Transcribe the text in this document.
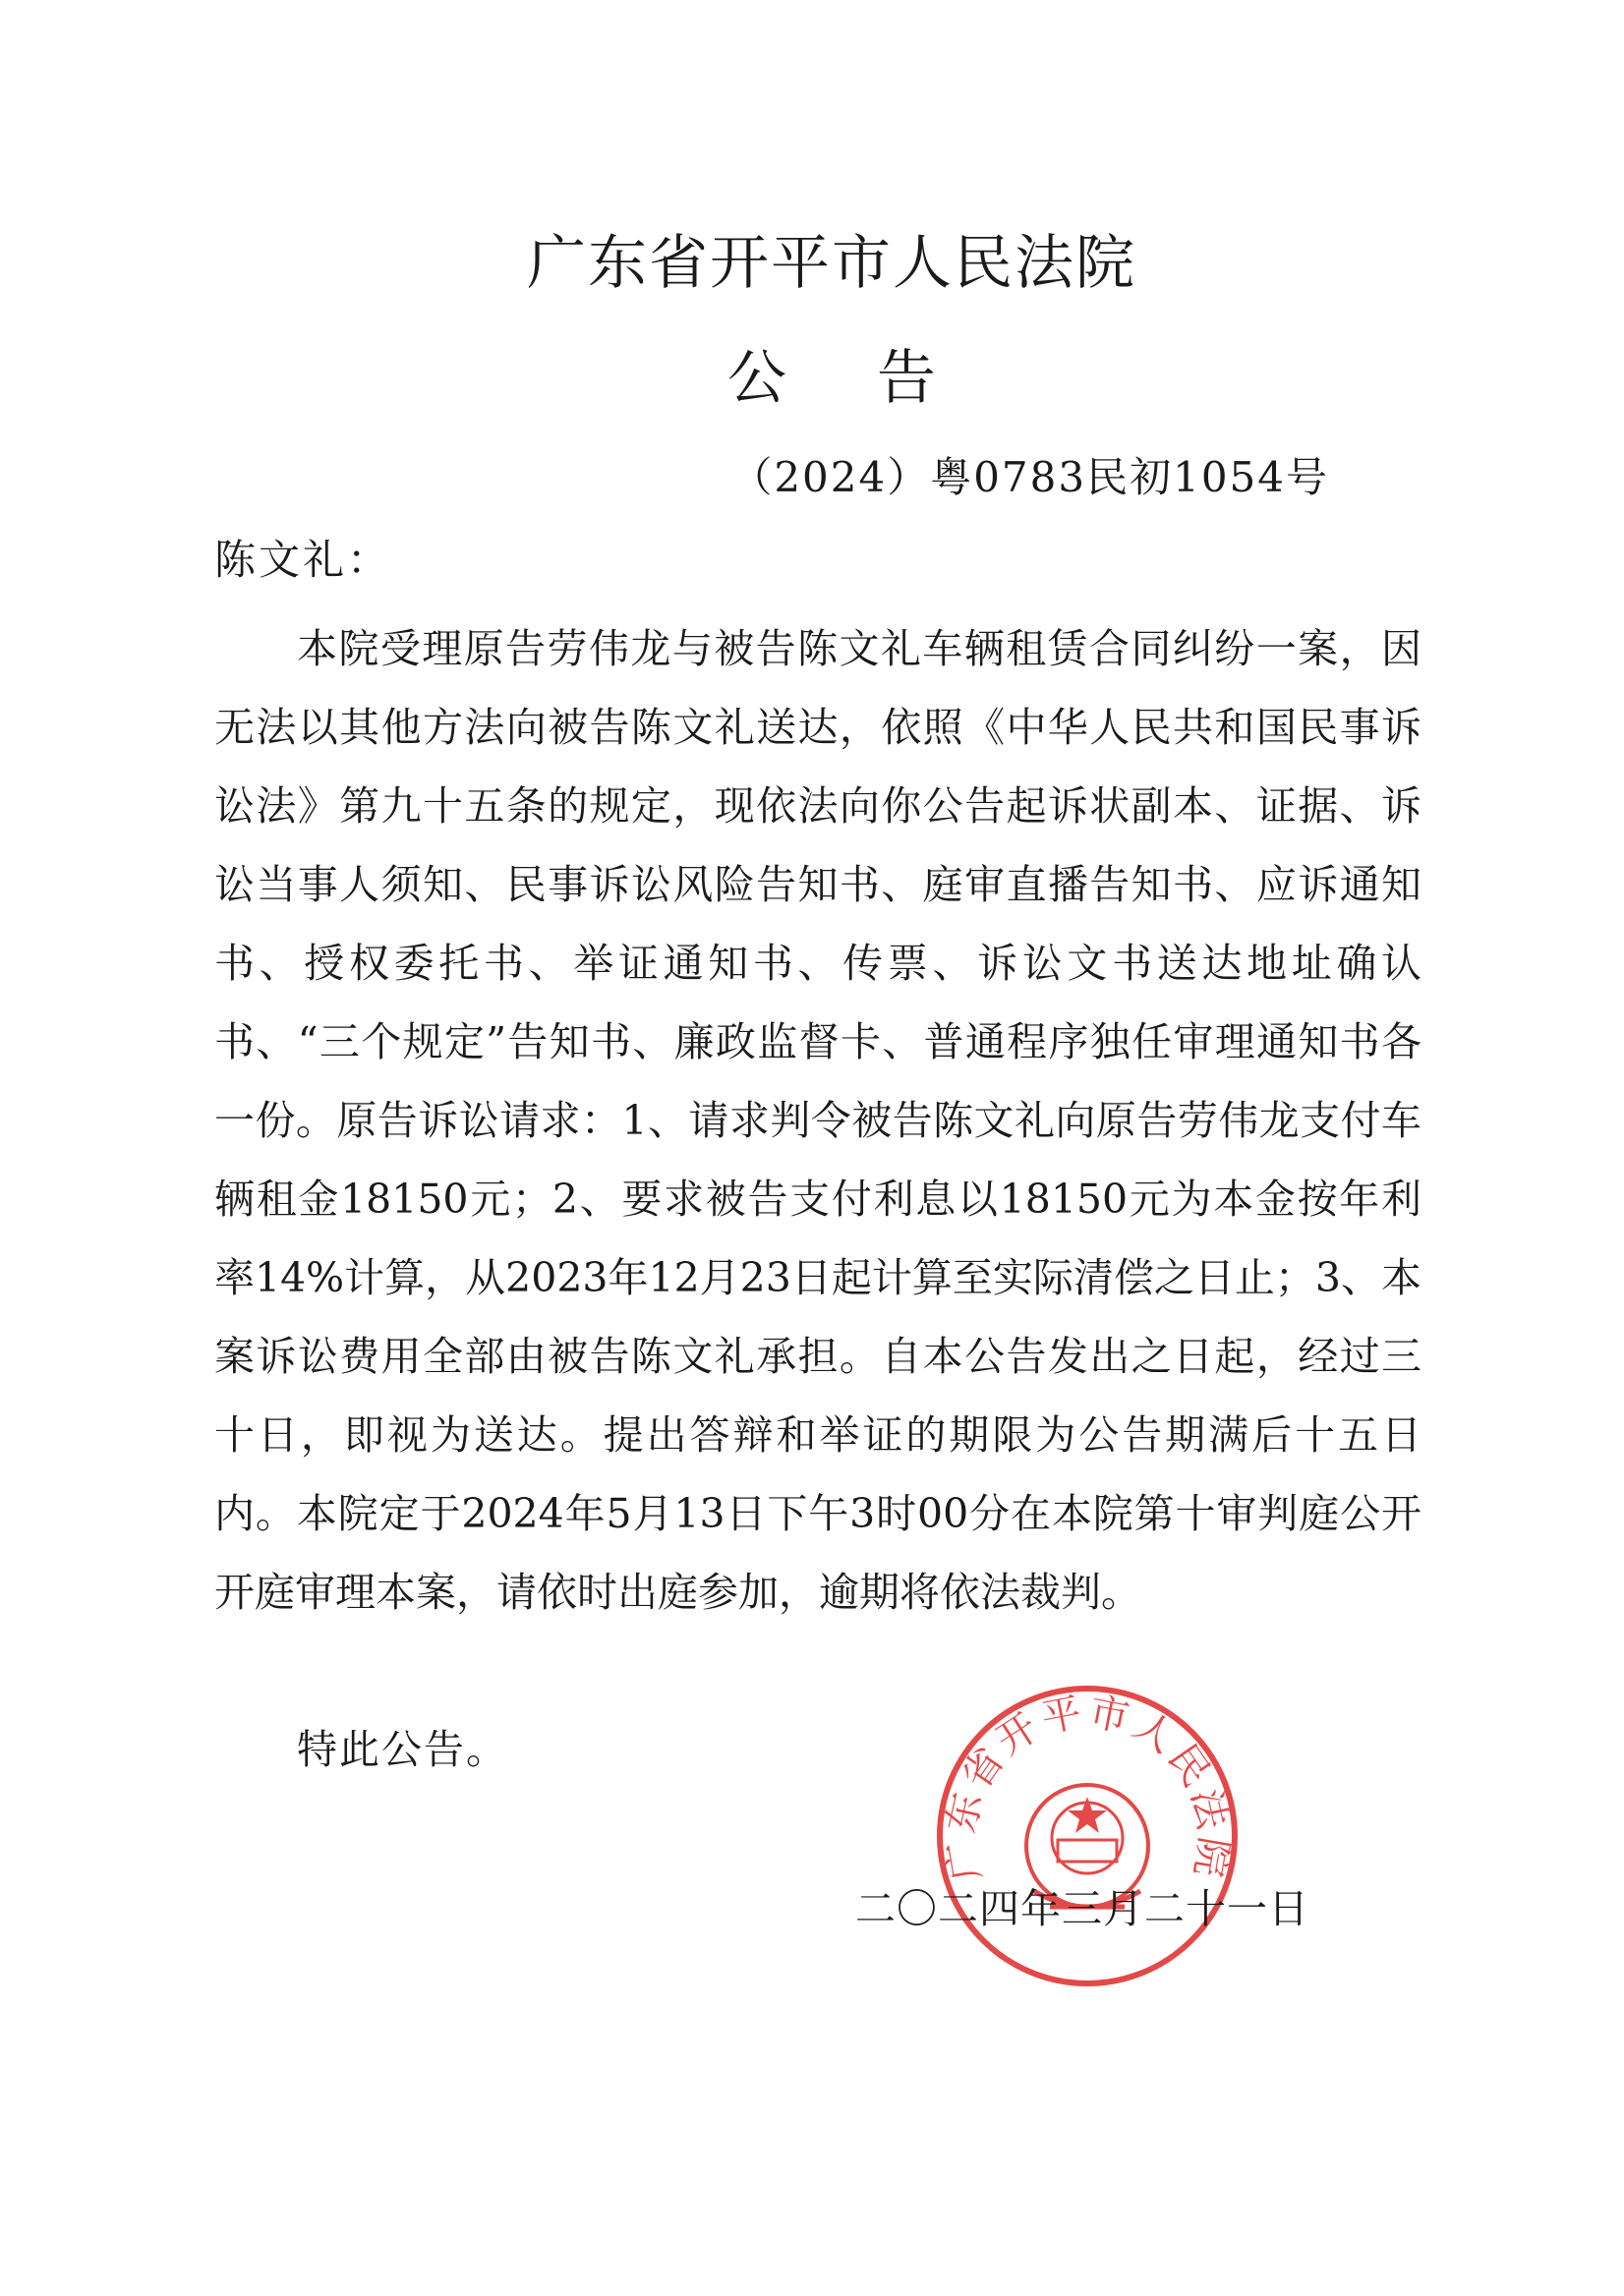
广东省开平市人民法院
公告
（2024）粤0783民初1054号
陈文礼：

本院受理原告劳伟龙与被告陈文礼车辆租赁合同纠纷一案，因无法以其他方法向被告陈文礼送达，依照《中华人民共和国民事诉讼法》第九十五条的规定，现依法向你公告起诉状副本、证据、诉讼当事人须知、民事诉讼风险告知书、庭审直播告知书、应诉通知书、授权委托书、举证通知书、传票、诉讼文书送达地址确认书、“三个规定”告知书、廉政监督卡、普通程序独任审理通知书各一份。原告诉讼请求：1、请求判令被告陈文礼向原告劳伟龙支付车辆租金18150元；2、要求被告支付利息以18150元为本金按年利率14%计算，从2023年12月23日起计算至实际清偿之日止；3、本案诉讼费用全部由被告陈文礼承担。自本公告发出之日起，经过三十日，即视为送达。提出答辩和举证的期限为公告期满后十五日内。本院定于2024年5月13日下午3时00分在本院第十审判庭公开开庭审理本案，请依时出庭参加，逾期将依法裁判。

特此公告。
广东省开平市人民法院
二〇二四年三月二十一日
